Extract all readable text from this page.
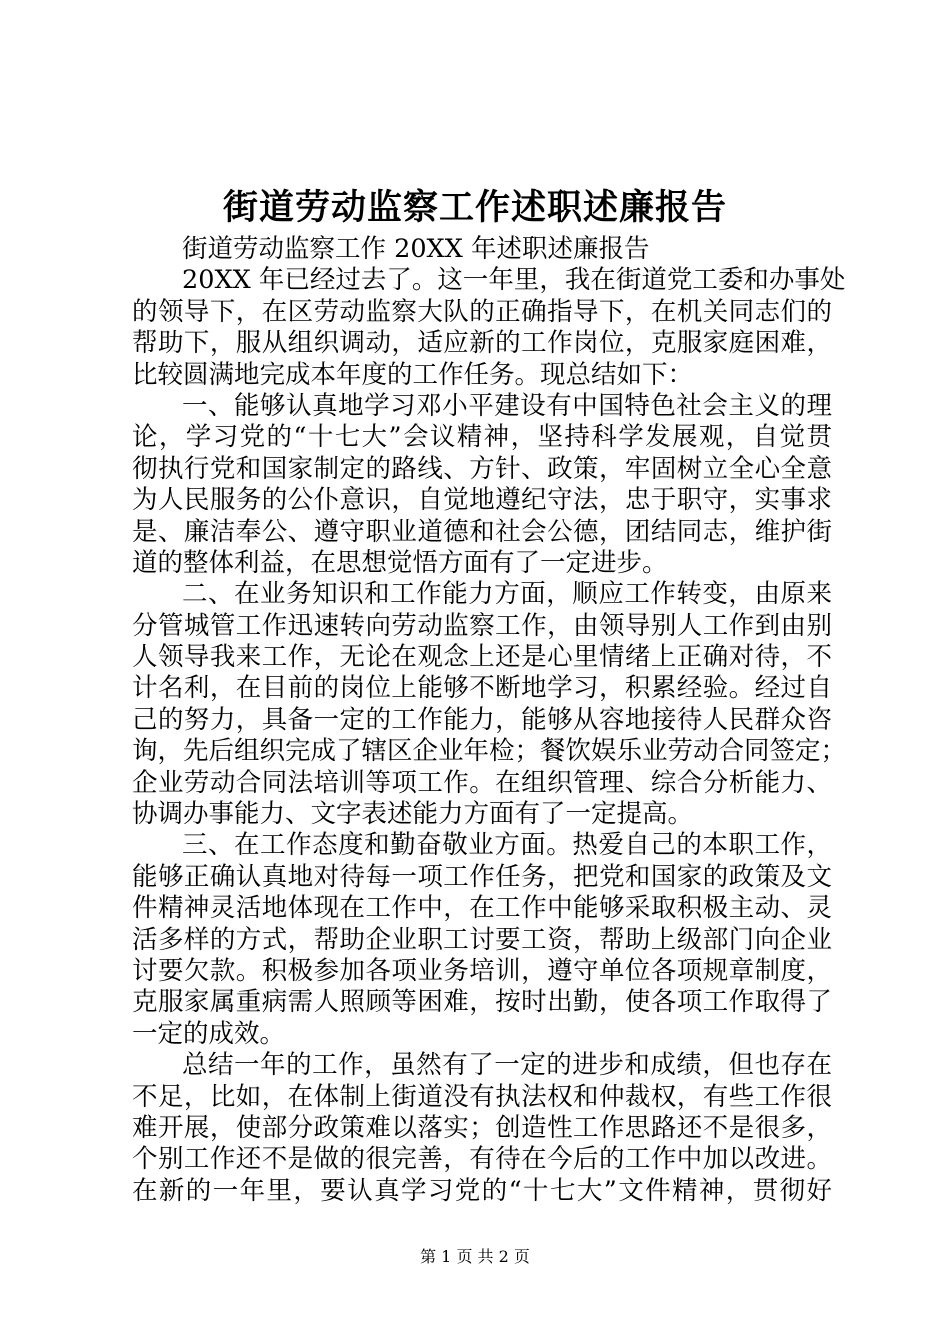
街道劳动监察工作述职述廉报告
街道劳动监察工作 20XX 年述职述廉报告
20XX 年已经过去了。这一年里，我在街道党工委和办事处
的领导下，在区劳动监察大队的正确指导下，在机关同志们的
帮助下，服从组织调动，适应新的工作岗位，克服家庭困难，
比较圆满地完成本年度的工作任务。现总结如下：
一、能够认真地学习邓小平建设有中国特色社会主义的理
论，学习党的“十七大”会议精神，坚持科学发展观，自觉贯
彻执行党和国家制定的路线、方针、政策，牢固树立全心全意
为人民服务的公仆意识，自觉地遵纪守法，忠于职守，实事求
是、廉洁奉公、遵守职业道德和社会公德，团结同志，维护街
道的整体利益，在思想觉悟方面有了一定进步。
二、在业务知识和工作能力方面，顺应工作转变，由原来
分管城管工作迅速转向劳动监察工作，由领导别人工作到由别
人领导我来工作，无论在观念上还是心里情绪上正确对待，不
计名利，在目前的岗位上能够不断地学习，积累经验。经过自
己的努力，具备一定的工作能力，能够从容地接待人民群众咨
询，先后组织完成了辖区企业年检；餐饮娱乐业劳动合同签定；
企业劳动合同法培训等项工作。在组织管理、综合分析能力、
协调办事能力、文字表述能力方面有了一定提高。
三、在工作态度和勤奋敬业方面。热爱自己的本职工作，
能够正确认真地对待每一项工作任务，把党和国家的政策及文
件精神灵活地体现在工作中，在工作中能够采取积极主动、灵
活多样的方式，帮助企业职工讨要工资，帮助上级部门向企业
讨要欠款。积极参加各项业务培训，遵守单位各项规章制度，
克服家属重病需人照顾等困难，按时出勤，使各项工作取得了
一定的成效。
总结一年的工作，虽然有了一定的进步和成绩，但也存在
不足，比如，在体制上街道没有执法权和仲裁权，有些工作很
难开展，使部分政策难以落实；创造性工作思路还不是很多，
个别工作还不是做的很完善，有待在今后的工作中加以改进。
在新的一年里，要认真学习党的“十七大”文件精神，贯彻好
第 1 页 共 2 页
